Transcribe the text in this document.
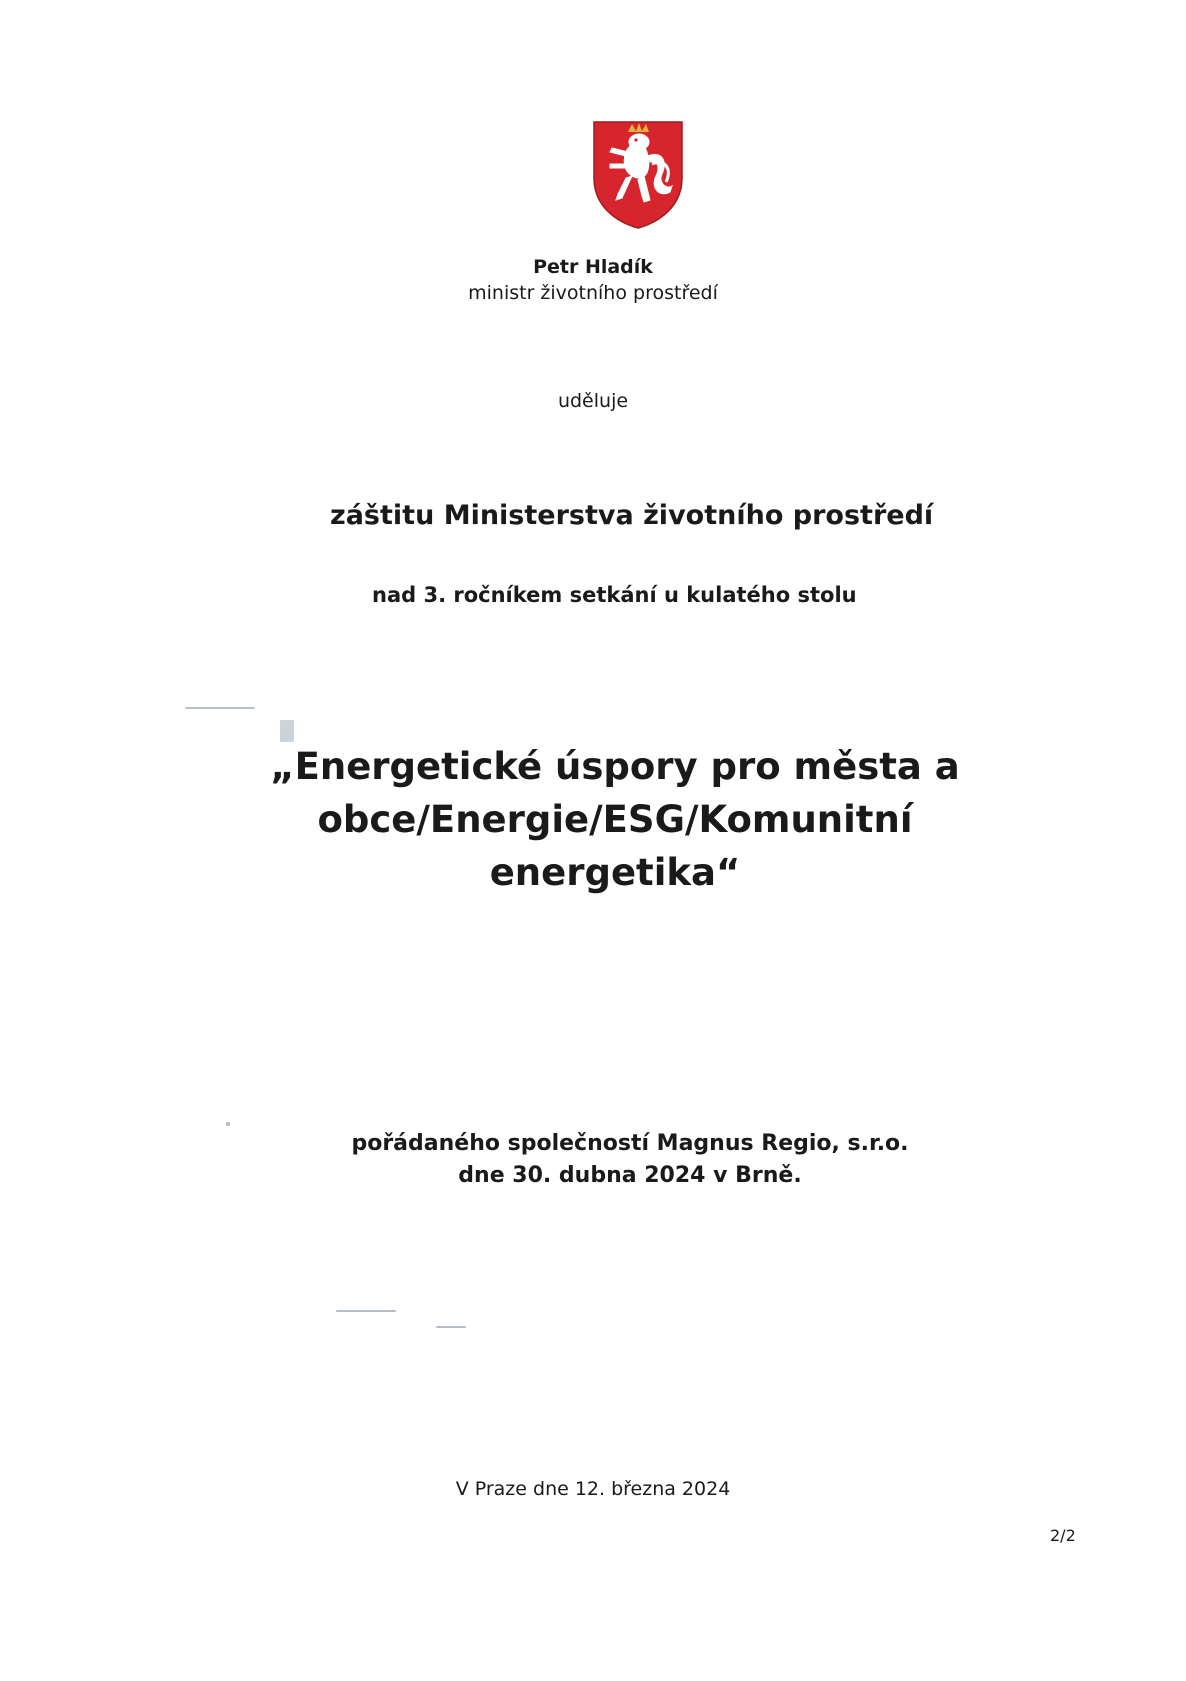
Petr Hladík
ministr životního prostředí
uděluje
záštitu Ministerstva životního prostředí
nad 3. ročníkem setkání u kulatého stolu
„Energetické úspory pro města a obce/Energie/ESG/Komunitní energetika“
pořádaného společností Magnus Regio, s.r.o.
dne 30. dubna 2024 v Brně.
V Praze dne 12. března 2024
2/2
